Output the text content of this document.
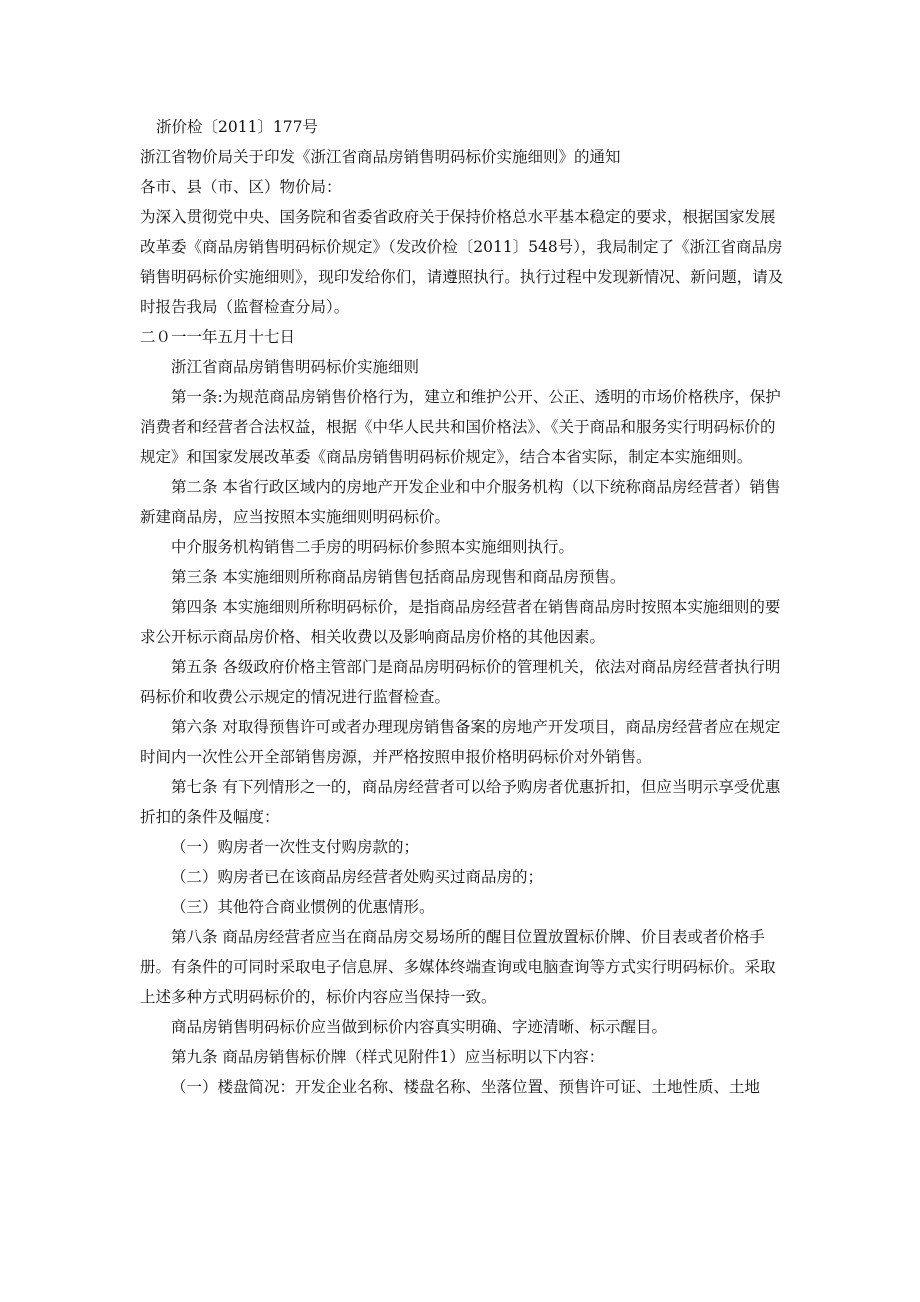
浙价检〔2011〕177号

浙江省物价局关于印发《浙江省商品房销售明码标价实施细则》的通知

各市、县（市、区）物价局：

为深入贯彻党中央、国务院和省委省政府关于保持价格总水平基本稳定的要求，根据国家发展改革委《商品房销售明码标价规定》（发改价检〔2011〕548号），我局制定了《浙江省商品房销售明码标价实施细则》，现印发给你们，请遵照执行。执行过程中发现新情况、新问题，请及时报告我局（监督检查分局）。

二０一一年五月十七日

浙江省商品房销售明码标价实施细则

第一条:为规范商品房销售价格行为，建立和维护公开、公正、透明的市场价格秩序，保护消费者和经营者合法权益，根据《中华人民共和国价格法》、《关于商品和服务实行明码标价的规定》和国家发展改革委《商品房销售明码标价规定》，结合本省实际，制定本实施细则。

第二条 本省行政区域内的房地产开发企业和中介服务机构（以下统称商品房经营者）销售新建商品房，应当按照本实施细则明码标价。

中介服务机构销售二手房的明码标价参照本实施细则执行。

第三条 本实施细则所称商品房销售包括商品房现售和商品房预售。

第四条 本实施细则所称明码标价，是指商品房经营者在销售商品房时按照本实施细则的要求公开标示商品房价格、相关收费以及影响商品房价格的其他因素。

第五条 各级政府价格主管部门是商品房明码标价的管理机关，依法对商品房经营者执行明码标价和收费公示规定的情况进行监督检查。

第六条 对取得预售许可或者办理现房销售备案的房地产开发项目，商品房经营者应在规定时间内一次性公开全部销售房源，并严格按照申报价格明码标价对外销售。

第七条 有下列情形之一的，商品房经营者可以给予购房者优惠折扣，但应当明示享受优惠折扣的条件及幅度：

（一）购房者一次性支付购房款的；

（二）购房者已在该商品房经营者处购买过商品房的；

（三）其他符合商业惯例的优惠情形。

第八条 商品房经营者应当在商品房交易场所的醒目位置放置标价牌、价目表或者价格手册。有条件的可同时采取电子信息屏、多媒体终端查询或电脑查询等方式实行明码标价。采取上述多种方式明码标价的，标价内容应当保持一致。

商品房销售明码标价应当做到标价内容真实明确、字迹清晰、标示醒目。

第九条 商品房销售标价牌（样式见附件1）应当标明以下内容：

（一）楼盘简况：开发企业名称、楼盘名称、坐落位置、预售许可证、土地性质、土地
